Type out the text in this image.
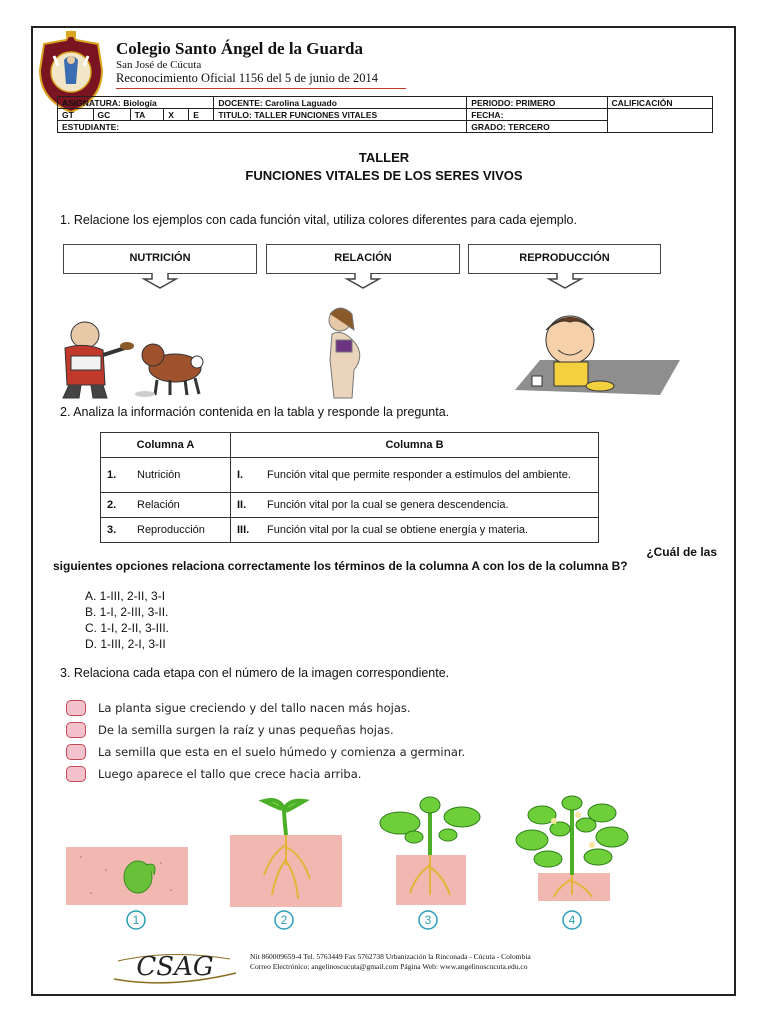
Colegio Santo Ángel de la Guarda
San José de Cúcuta
Reconocimiento Oficial 1156 del 5 de junio de 2014
ASIGNATURA: Biología					DOCENTE: Carolina Laguado	PERIODO: PRIMERO	CALIFICACIÓN
GT	GC	TA	X	E	TITULO: TALLER FUNCIONES VITALES	FECHA:	
ESTUDIANTE:						GRADO: TERCERO	
TALLER
FUNCIONES VITALES DE LOS SERES VIVOS
1. Relacione los ejemplos con cada función vital, utiliza colores diferentes para cada ejemplo.
NUTRICIÓN	RELACIÓN	REPRODUCCIÓN
2. Analiza la información contenida en la tabla y responde la pregunta.
Columna A	Columna B
1. Nutrición	I. Función vital que permite responder a estímulos del ambiente.
2. Relación	II. Función vital por la cual se genera descendencia.
3. Reproducción	III. Función vital por la cual se obtiene energía y materia.
¿Cuál de las
siguientes opciones relaciona correctamente los términos de la columna A con los de la columna B?
A. 1-III, 2-II, 3-I
B. 1-I, 2-III, 3-II.
C. 1-I, 2-II, 3-III.
D. 1-III, 2-I, 3-II
3. Relaciona cada etapa con el número de la imagen correspondiente.
La planta sigue creciendo y del tallo nacen más hojas.
De la semilla surgen la raíz y unas pequeñas hojas.
La semilla que esta en el suelo húmedo y comienza a germinar.
Luego aparece el tallo que crece hacia arriba.
1	2	3	4
CSAG	Nit 860009659-4 Tel. 5763449 Fax 5762738 Urbanización la Rinconada - Cúcuta - Colombia
Correo Electrónico: angelinoscucuta@gmail.com Página Web: www.angelinoscucuta.edu.co
